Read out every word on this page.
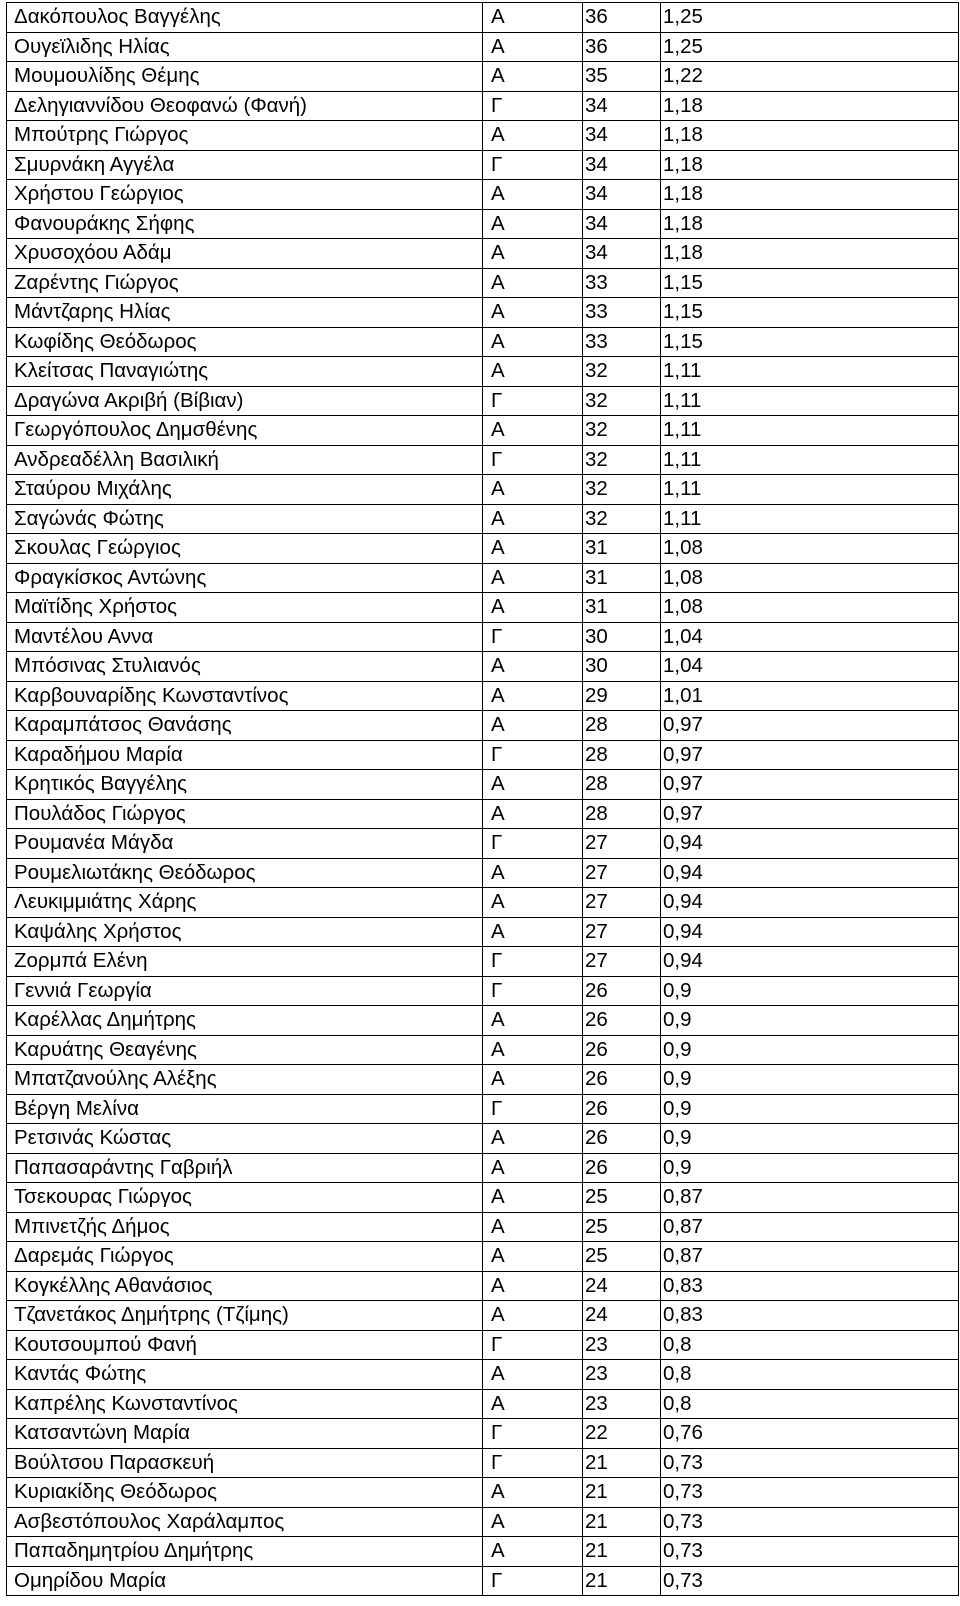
Δακόπουλος Βαγγέλης	Α	36	1,25
Ουγεϊλιδης Ηλίας	Α	36	1,25
Μουμουλίδης Θέμης	Α	35	1,22
Δεληγιαννίδου Θεοφανώ (Φανή)	Γ	34	1,18
Μπούτρης Γιώργος	Α	34	1,18
Σμυρνάκη Αγγέλα	Γ	34	1,18
Χρήστου Γεώργιος	Α	34	1,18
Φανουράκης Σήφης	Α	34	1,18
Χρυσοχόου Αδάμ	Α	34	1,18
Ζαρέντης Γιώργος	Α	33	1,15
Μάντζαρης Ηλίας	Α	33	1,15
Κωφίδης Θεόδωρος	Α	33	1,15
Κλείτσας Παναγιώτης	Α	32	1,11
Δραγώνα Ακριβή (Βίβιαν)	Γ	32	1,11
Γεωργόπουλος Δημσθένης	Α	32	1,11
Ανδρεαδέλλη Βασιλική	Γ	32	1,11
Σταύρου Μιχάλης	Α	32	1,11
Σαγώνάς Φώτης	Α	32	1,11
Σκουλας Γεώργιος	Α	31	1,08
Φραγκίσκος Αντώνης	Α	31	1,08
Μαϊτίδης Χρήστος	Α	31	1,08
Μαντέλου Αννα	Γ	30	1,04
Μπόσινας Στυλιανός	Α	30	1,04
Καρβουναρίδης Κωνσταντίνος	Α	29	1,01
Καραμπάτσος Θανάσης	Α	28	0,97
Καραδήμου Μαρία	Γ	28	0,97
Κρητικός Βαγγέλης	Α	28	0,97
Πουλάδος Γιώργος	Α	28	0,97
Ρουμανέα Μάγδα	Γ	27	0,94
Ρουμελιωτάκης Θεόδωρος	Α	27	0,94
Λευκιμμιάτης Χάρης	Α	27	0,94
Καψάλης Χρήστος	Α	27	0,94
Ζορμπά Ελένη	Γ	27	0,94
Γεννιά Γεωργία	Γ	26	0,9
Καρέλλας Δημήτρης	Α	26	0,9
Καρυάτης Θεαγένης	Α	26	0,9
Μπατζανούλης Αλέξης	Α	26	0,9
Βέργη Μελίνα	Γ	26	0,9
Ρετσινάς Κώστας	Α	26	0,9
Παπασαράντης Γαβριήλ	Α	26	0,9
Τσεκουρας Γιώργος	Α	25	0,87
Μπινετζής Δήμος	Α	25	0,87
Δαρεμάς Γιώργος	Α	25	0,87
Κογκέλλης Αθανάσιος	Α	24	0,83
Τζανετάκος Δημήτρης (Τζίμης)	Α	24	0,83
Κουτσουμπού Φανή	Γ	23	0,8
Καντάς Φώτης	Α	23	0,8
Καπρέλης Κωνσταντίνος	Α	23	0,8
Κατσαντώνη Μαρία	Γ	22	0,76
Βούλτσου Παρασκευή	Γ	21	0,73
Κυριακίδης Θεόδωρος	Α	21	0,73
Ασβεστόπουλος Χαράλαμπος	Α	21	0,73
Παπαδημητρίου Δημήτρης	Α	21	0,73
Ομηρίδου Μαρία	Γ	21	0,73
